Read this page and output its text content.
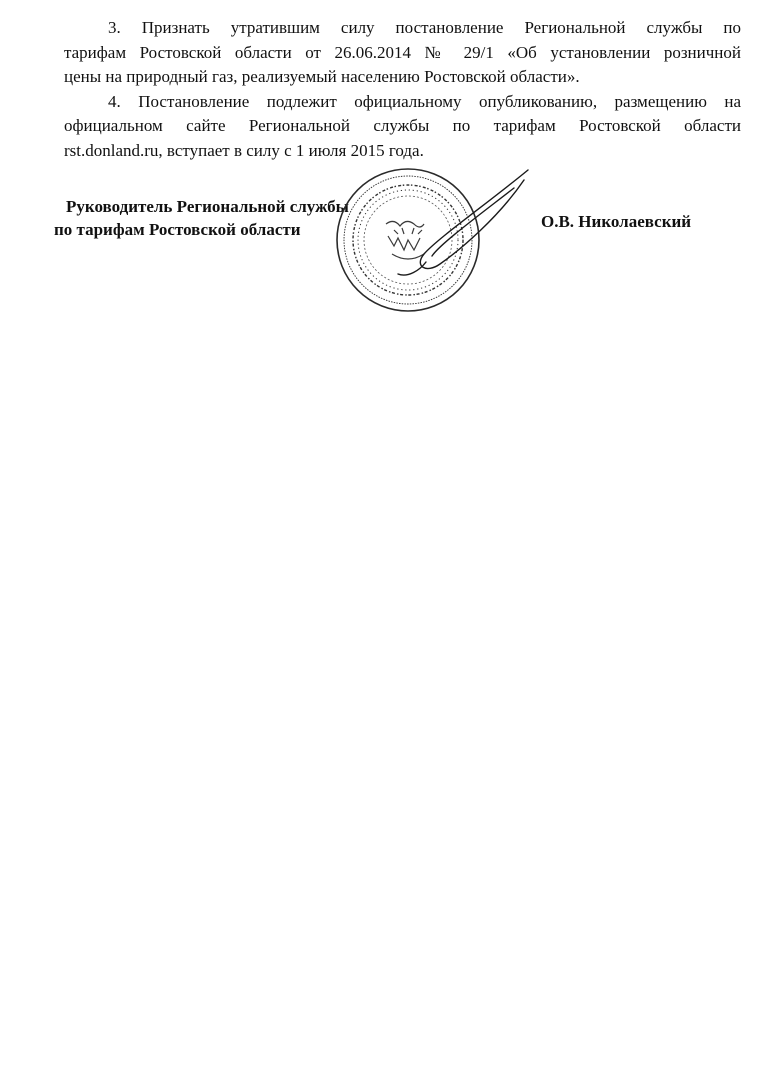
3. Признать утратившим силу постановление Региональной службы по
тарифам Ростовской области от 26.06.2014 № 29/1 «Об установлении розничной
цены на природный газ, реализуемый населению Ростовской области».

4. Постановление подлежит официальному опубликованию, размещению на
официальном сайте Региональной службы по тарифам Ростовской области
rst.donland.ru, вступает в силу с 1 июля 2015 года.

Руководитель Региональной службы
по тарифам Ростовской области	О.В. Николаевский
